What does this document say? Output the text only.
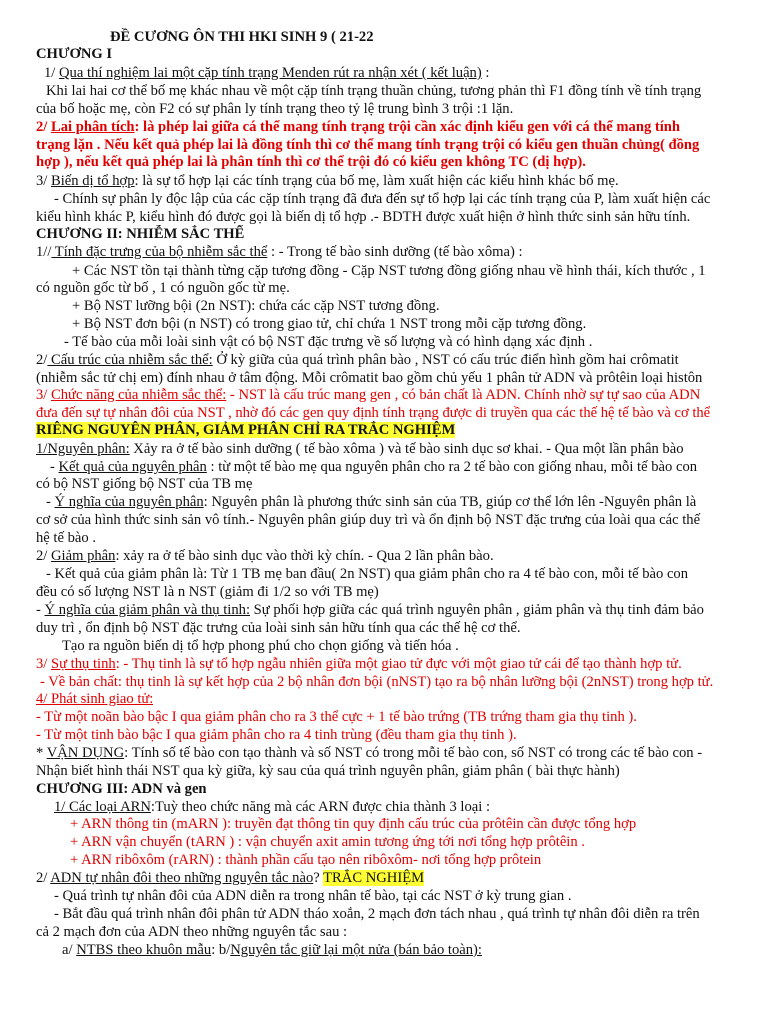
ĐỀ CƯƠNG ÔN THI HKI SINH 9 ( 21-22
CHƯƠNG I
1/ Qua thí nghiệm lai một cặp tính trạng Menden rút ra nhận xét ( kết luận) :
Khi lai hai cơ thể bố mẹ khác nhau về một cặp tính trạng thuần chủng, tương phản thì F1 đồng tính về tính trạng
của bố hoặc mẹ, còn F2 có sự phân ly tính trạng theo tỷ lệ trung bình 3 trội :1 lặn.
2/ Lai phân tích: là phép lai giữa cá thể mang tính trạng trội cần xác định kiểu gen với cá thể mang tính
trạng lặn . Nếu kết quả phép lai là đồng tính thì cơ thể mang tính trạng trội có kiểu gen thuần chủng( đồng
hợp ), nếu kết quả phép lai là phân tính thì cơ thể trội đó có kiểu gen không TC (dị hợp).
3/ Biến dị tổ hợp: là sự tổ hợp lại các tính trạng của bố mẹ, làm xuất hiện các kiểu hình khác bố mẹ.
- Chính sự phân ly độc lập của các cặp tính trạng đã đưa đến sự tổ hợp lại các tính trạng của P, làm xuất hiện các
kiểu hình khác P, kiểu hình đó được gọi là biến dị tổ hợp .- BDTH được xuất hiện ở hình thức sinh sản hữu tính.
CHƯƠNG II: NHIỄM SẮC THỂ
1// Tính đặc trưng của bộ nhiễm sắc thể : - Trong tế bào sinh dưỡng (tế bào xôma) :
+ Các NST tồn tại thành từng cặp tương đồng - Cặp NST tương đồng giống nhau về hình thái, kích thước , 1
có nguồn gốc từ bố , 1 có nguồn gốc từ mẹ.
+ Bộ NST lưỡng bội (2n NST): chứa các cặp NST tương đồng.
+ Bộ NST đơn bội (n NST) có trong giao tử, chỉ chứa 1 NST trong mỗi cặp tương đồng.
- Tế bào của mỗi loài sinh vật có bộ NST đặc trưng về số lượng và có hình dạng xác định .
2/ Cấu trúc của nhiễm sắc thể: Ở kỳ giữa của quá trình phân bào , NST có cấu trúc điển hình gồm hai crômatit
(nhiễm sắc tử chị em) đính nhau ở tâm động. Mỗi crômatit bao gồm chủ yếu 1 phân tử ADN và prôtêin loại histôn
3/ Chức năng của nhiễm sắc thể: - NST là cấu trúc mang gen , có bản chất là ADN. Chính nhờ sự tự sao của ADN
đưa đến sự tự nhân đôi của NST , nhờ đó các gen quy định tính trạng được di truyền qua các thế hệ tế bào và cơ thể
RIÊNG NGUYÊN PHÂN, GIẢM PHÂN CHỈ RA TRẮC NGHIỆM
1/Nguyên phân: Xảy ra ở tế bào sinh dưỡng ( tế bào xôma ) và tế bào sinh dục sơ khai. - Qua một lần phân bào
- Kết quả của nguyên phân : từ một tế bào mẹ qua nguyên phân cho ra 2 tế bào con giống nhau, mỗi tế bào con
có bộ NST giống bộ NST của TB mẹ
- Ý nghĩa của nguyên phân: Nguyên phân là phương thức sinh sản của TB, giúp cơ thể lớn lên -Nguyên phân là
cơ sở của hình thức sinh sản vô tính.- Nguyên phân giúp duy trì và ổn định bộ NST đặc trưng của loài qua các thế
hệ tế bào .
2/ Giảm phân: xảy ra ở tế bào sinh dục vào thời kỳ chín. - Qua 2 lần phân bào.
- Kết quả của giảm phân là: Từ 1 TB mẹ ban đầu( 2n NST) qua giảm phân cho ra 4 tế bào con, mỗi tế bào con
đều có số lượng NST là n NST (giảm đi 1/2 so với TB mẹ)
- Ý nghĩa của giảm phân và thụ tinh: Sự phối hợp giữa các quá trình nguyên phân , giảm phân và thụ tinh đảm bảo
duy trì , ổn định bộ NST đặc trưng của loài sinh sản hữu tính qua các thế hệ cơ thể.
Tạo ra nguồn biến dị tổ hợp phong phú cho chọn giống và tiến hóa .
3/ Sự thụ tinh: - Thụ tinh là sự tổ hợp ngẫu nhiên giữa một giao tử đực với một giao tử cái để tạo thành hợp tử.
- Về bản chất: thụ tinh là sự kết hợp của 2 bộ nhân đơn bội (nNST) tạo ra bộ nhân lưỡng bội (2nNST) trong hợp tử.
4/ Phát sinh giao tử:
- Từ một noãn bào bậc I qua giảm phân cho ra 3 thể cực + 1 tế bào trứng (TB trứng tham gia thụ tinh ).
- Từ một tinh bào bậc I qua giảm phân cho ra 4 tinh trùng (đều tham gia thụ tinh ).
* VẬN DỤNG: Tính số tế bào con tạo thành và số NST có trong mỗi tế bào con, số NST có trong các tế bào con -
Nhận biết hình thái NST qua kỳ giữa, kỳ sau của quá trình nguyên phân, giảm phân ( bài thực hành)
CHƯƠNG III: ADN và gen
1/ Các loại ARN:Tuỳ theo chức năng mà các ARN được chia thành 3 loại :
+ ARN thông tin (mARN ): truyền đạt thông tin quy định cấu trúc của prôtêin cần được tổng hợp
+ ARN vận chuyển (tARN ) : vận chuyển axit amin tương ứng tới nơi tổng hợp prôtêin .
+ ARN ribôxôm (rARN) : thành phần cấu tạo nên ribôxôm- nơi tổng hợp prôtein
2/ ADN tự nhân đôi theo những nguyên tắc nào? TRẮC NGHIỆM
- Quá trình tự nhân đôi của ADN diễn ra trong nhân tế bào, tại các NST ở kỳ trung gian .
- Bắt đầu quá trình nhân đôi phân tử ADN tháo xoắn, 2 mạch đơn tách nhau , quá trình tự nhân đôi diễn ra trên
cả 2 mạch đơn của ADN theo những nguyên tắc sau :
a/ NTBS theo khuôn mẫu: b/Nguyên tắc giữ lại một nửa (bán bảo toàn):
